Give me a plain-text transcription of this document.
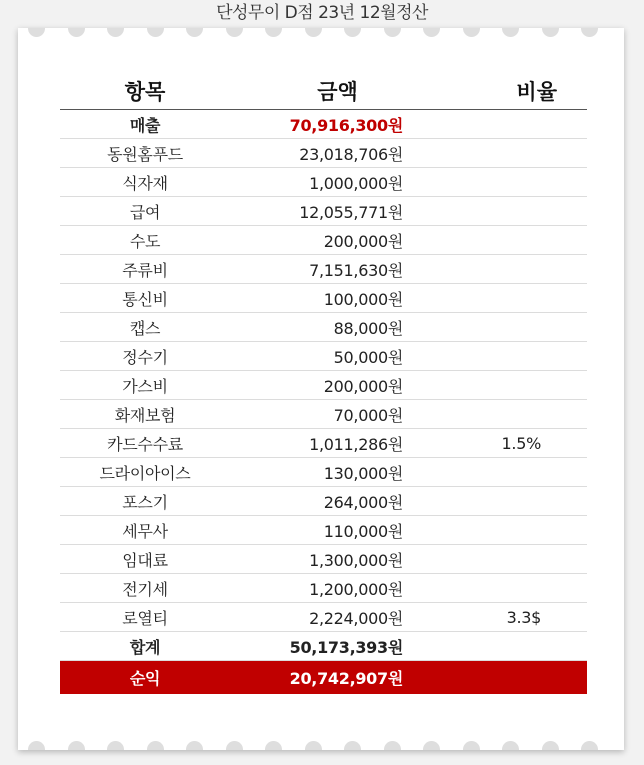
단성무이 D점 23년 12월정산
항목	금액	비율
매출	70,916,300원	
동원홈푸드	23,018,706원	
식자재	1,000,000원	
급여	12,055,771원	
수도	200,000원	
주류비	7,151,630원	
통신비	100,000원	
캡스	88,000원	
정수기	50,000원	
가스비	200,000원	
화재보험	70,000원	
카드수수료	1,011,286원	1.5%
드라이아이스	130,000원	
포스기	264,000원	
세무사	110,000원	
임대료	1,300,000원	
전기세	1,200,000원	
로열티	2,224,000원	3.3$
합계	50,173,393원	
순익	20,742,907원	
